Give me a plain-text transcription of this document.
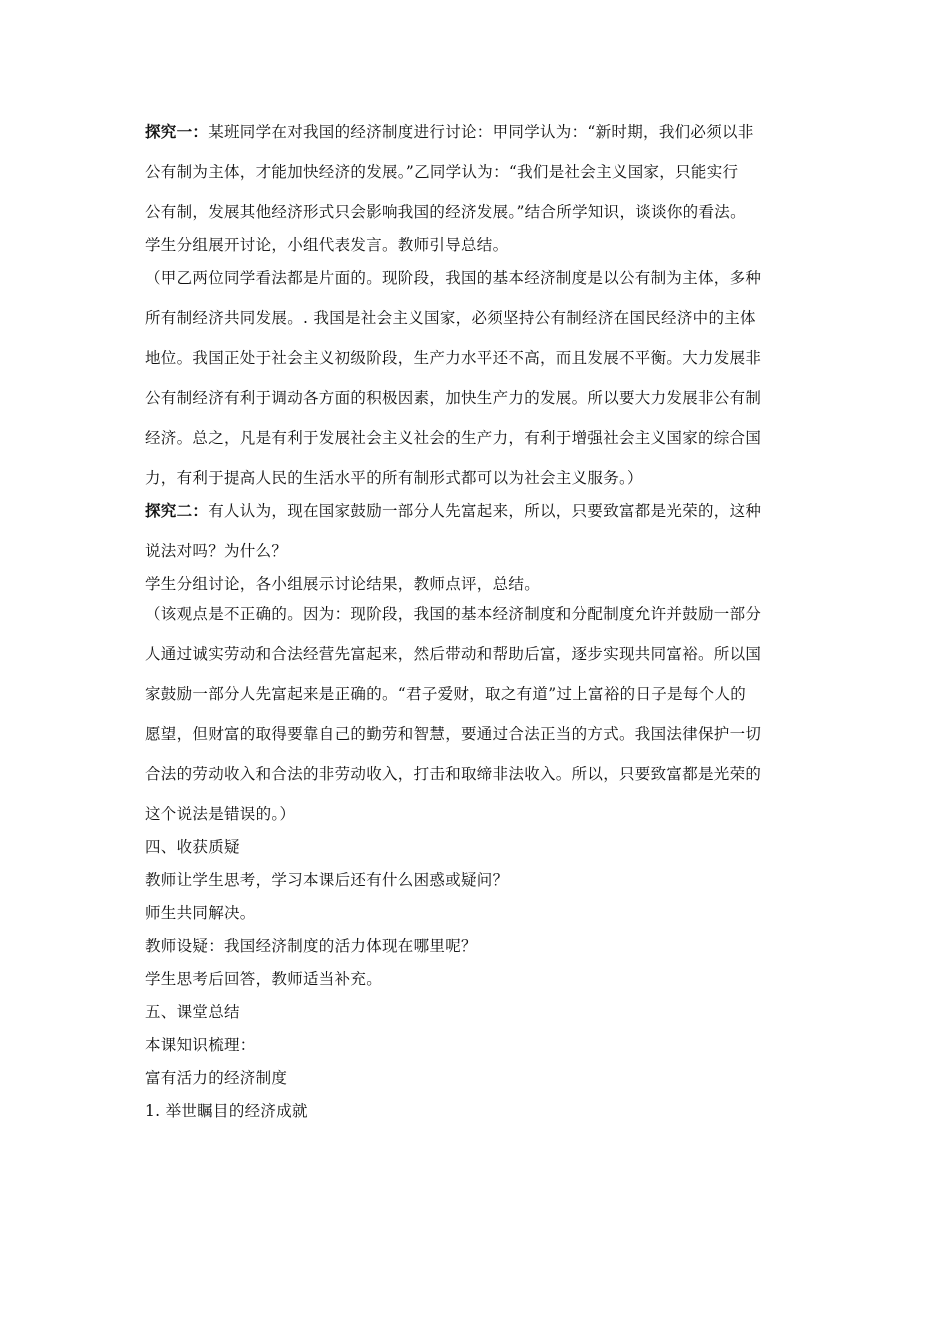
探究一：某班同学在对我国的经济制度进行讨论：甲同学认为：“新时期，我们必须以非
公有制为主体，才能加快经济的发展。”乙同学认为：“我们是社会主义国家，只能实行
公有制，发展其他经济形式只会影响我国的经济发展。”结合所学知识，谈谈你的看法。
学生分组展开讨论，小组代表发言。教师引导总结。
（甲乙两位同学看法都是片面的。现阶段，我国的基本经济制度是以公有制为主体，多种
所有制经济共同发展。. 我国是社会主义国家，必须坚持公有制经济在国民经济中的主体
地位。我国正处于社会主义初级阶段，生产力水平还不高，而且发展不平衡。大力发展非
公有制经济有利于调动各方面的积极因素，加快生产力的发展。所以要大力发展非公有制
经济。总之，凡是有利于发展社会主义社会的生产力，有利于增强社会主义国家的综合国
力，有利于提高人民的生活水平的所有制形式都可以为社会主义服务。）
探究二：有人认为，现在国家鼓励一部分人先富起来，所以，只要致富都是光荣的，这种
说法对吗？为什么？
学生分组讨论，各小组展示讨论结果，教师点评，总结。
（该观点是不正确的。因为：现阶段，我国的基本经济制度和分配制度允许并鼓励一部分
人通过诚实劳动和合法经营先富起来，然后带动和帮助后富，逐步实现共同富裕。所以国
家鼓励一部分人先富起来是正确的。“君子爱财，取之有道”过上富裕的日子是每个人的
愿望，但财富的取得要靠自己的勤劳和智慧，要通过合法正当的方式。我国法律保护一切
合法的劳动收入和合法的非劳动收入，打击和取缔非法收入。所以，只要致富都是光荣的
这个说法是错误的。）
四、收获质疑
教师让学生思考，学习本课后还有什么困惑或疑问？
师生共同解决。
教师设疑：我国经济制度的活力体现在哪里呢？
学生思考后回答，教师适当补充。
五、课堂总结
本课知识梳理：
富有活力的经济制度
1. 举世瞩目的经济成就
